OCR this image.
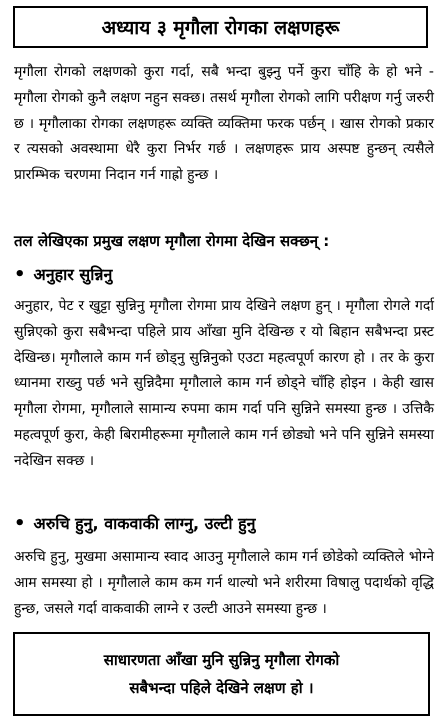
अध्याय ३ मृगौला रोगका लक्षणहरू

मृगौला रोगको लक्षणको कुरा गर्दा, सबै भन्दा बुझ्नु पर्ने कुरा चाँहि के हो भने - मृगौला रोगको कुनै लक्षण नहुन सक्छ। तसर्थ मृगौला रोगको लागि परीक्षण गर्नु जरुरी छ । मृगौलाका रोगका लक्षणहरू व्यक्ति व्यक्तिमा फरक पर्छन् । खास रोगको प्रकार र त्यसको अवस्थामा धेरै कुरा निर्भर गर्छ । लक्षणहरू प्राय अस्पष्ट हुन्छन् त्यसैले प्रारम्भिक चरणमा निदान गर्न गाह्रो हुन्छ ।

तल लेखिएका प्रमुख लक्षण मृगौला रोगमा देखिन सक्छन् :

• अनुहार सुन्निनु

अनुहार, पेट र खुट्टा सुन्निनु मृगौला रोगमा प्राय देखिने लक्षण हुन् । मृगौला रोगले गर्दा सुन्निएको कुरा सबैभन्दा पहिले प्राय आँखा मुनि देखिन्छ र यो बिहान सबैभन्दा प्रस्ट देखिन्छ। मृगौलाले काम गर्न छोड्नु सुन्निनुको एउटा महत्वपूर्ण कारण हो । तर के कुरा ध्यानमा राख्नु पर्छ भने सुन्निदैमा मृगौलाले काम गर्न छोड्ने चाँहि होइन । केही खास मृगौला रोगमा, मृगौलाले सामान्य रुपमा काम गर्दा पनि सुन्निने समस्या हुन्छ । उत्तिकै महत्वपूर्ण कुरा, केही बिरामीहरूमा मृगौलाले काम गर्न छोड्यो भने पनि सुन्निने समस्या नदेखिन सक्छ ।

• अरुचि हुनु, वाकवाकी लाग्नु, उल्टी हुनु

अरुचि हुनु, मुखमा असामान्य स्वाद आउनु मृगौलाले काम गर्न छोडेको व्यक्तिले भोग्ने आम समस्या हो । मृगौलाले काम कम गर्न थाल्यो भने शरीरमा विषालु पदार्थको वृद्धि हुन्छ, जसले गर्दा वाकवाकी लाग्ने र उल्टी आउने समस्या हुन्छ ।

साधारणता आँखा मुनि सुन्निनु मृगौला रोगको
सबैभन्दा पहिले देखिने लक्षण हो ।
